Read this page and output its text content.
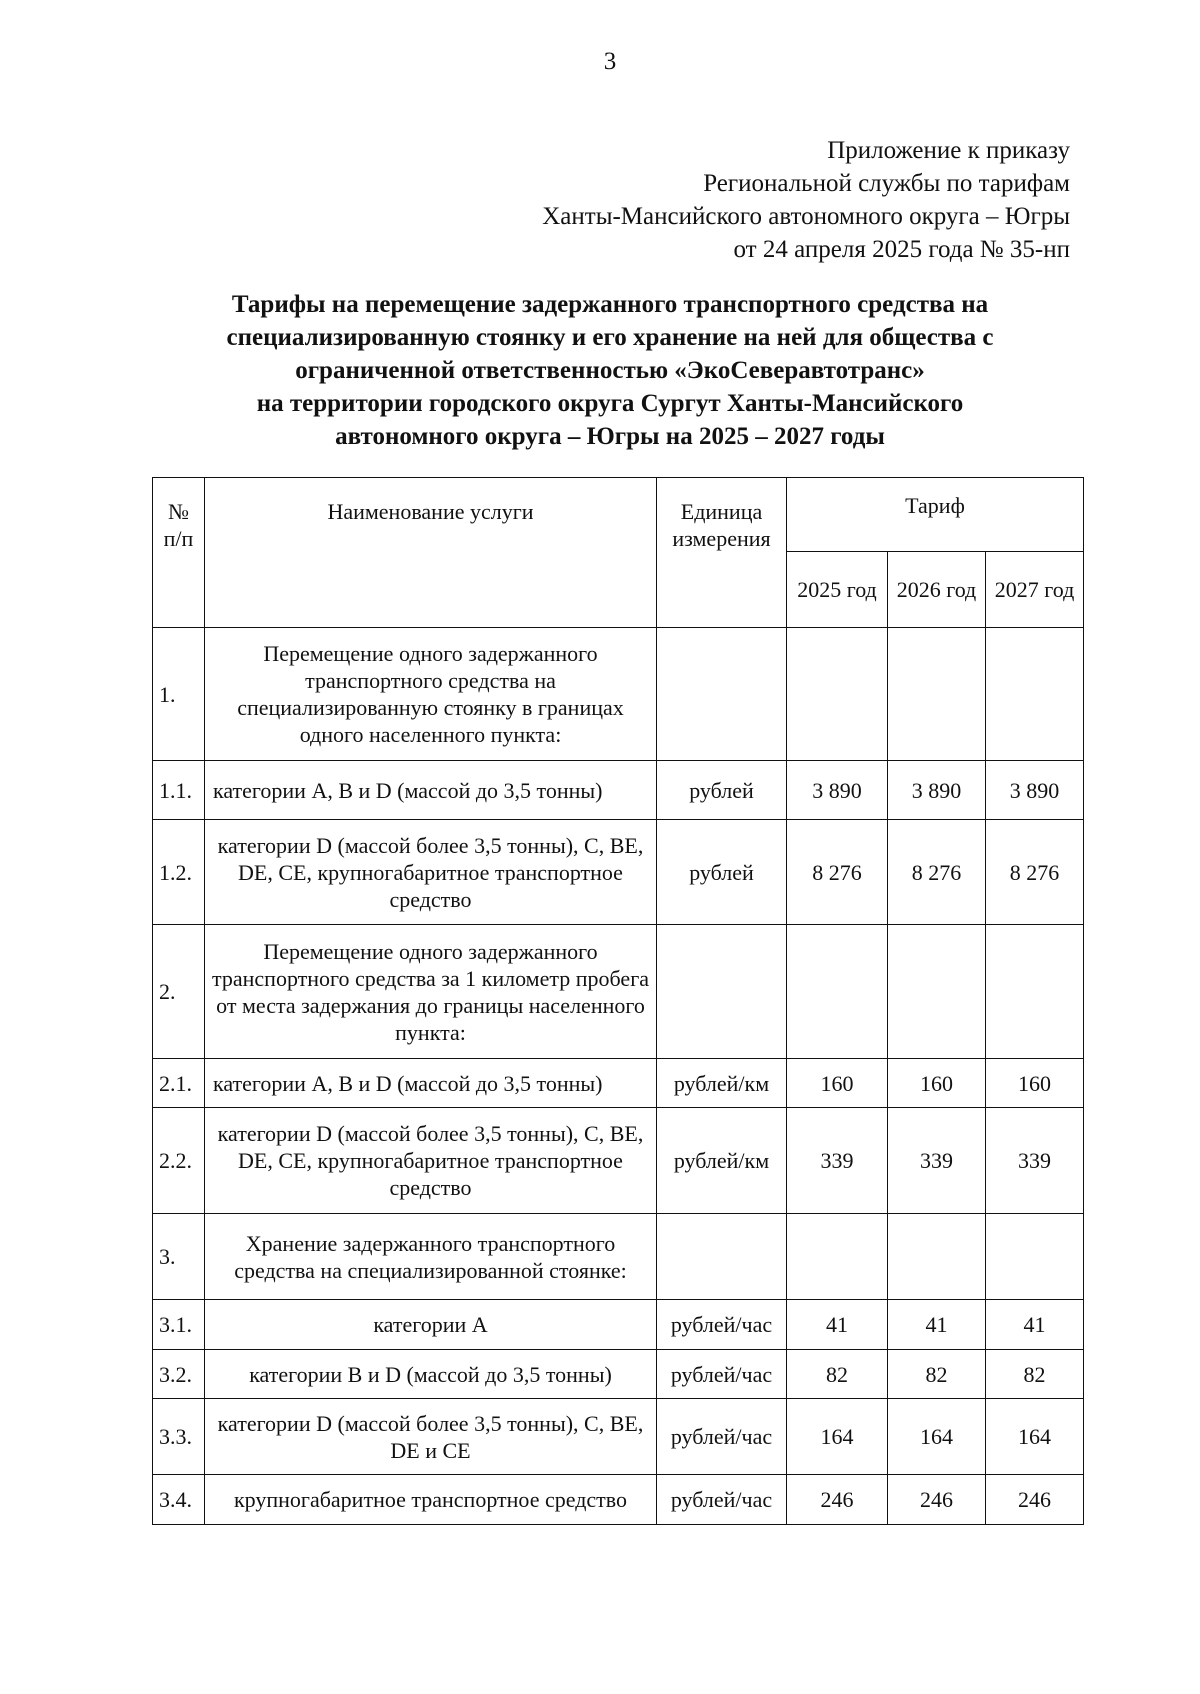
3
Приложение к приказу
Региональной службы по тарифам
Ханты-Мансийского автономного округа – Югры
от 24 апреля 2025 года № 35-нп
Тарифы на перемещение задержанного транспортного средства на
специализированную стоянку и его хранение на ней для общества с
ограниченной ответственностью «ЭкоСеверавтотранс»
на территории городского округа Сургут Ханты-Мансийского
автономного округа – Югры на 2025 – 2027 годы
№ п/п	Наименование услуги	Единица измерения	Тариф		
			2025 год	2026 год	2027 год
1.	Перемещение одного задержанного транспортного средства на специализированную стоянку в границах одного населенного пункта:				
1.1.	категории A, B и D (массой до 3,5 тонны)	рублей	3 890	3 890	3 890
1.2.	категории D (массой более 3,5 тонны), C, BE, DE, CE, крупногабаритное транспортное средство	рублей	8 276	8 276	8 276
2.	Перемещение одного задержанного транспортного средства за 1 километр пробега от места задержания до границы населенного пункта:				
2.1.	категории A, B и D (массой до 3,5 тонны)	рублей/км	160	160	160
2.2.	категории D (массой более 3,5 тонны), C, BE, DE, CE, крупногабаритное транспортное средство	рублей/км	339	339	339
3.	Хранение задержанного транспортного средства на специализированной стоянке:				
3.1.	категории A	рублей/час	41	41	41
3.2.	категории B и D (массой до 3,5 тонны)	рублей/час	82	82	82
3.3.	категории D (массой более 3,5 тонны), C, BE, DE и CE	рублей/час	164	164	164
3.4.	крупногабаритное транспортное средство	рублей/час	246	246	246
